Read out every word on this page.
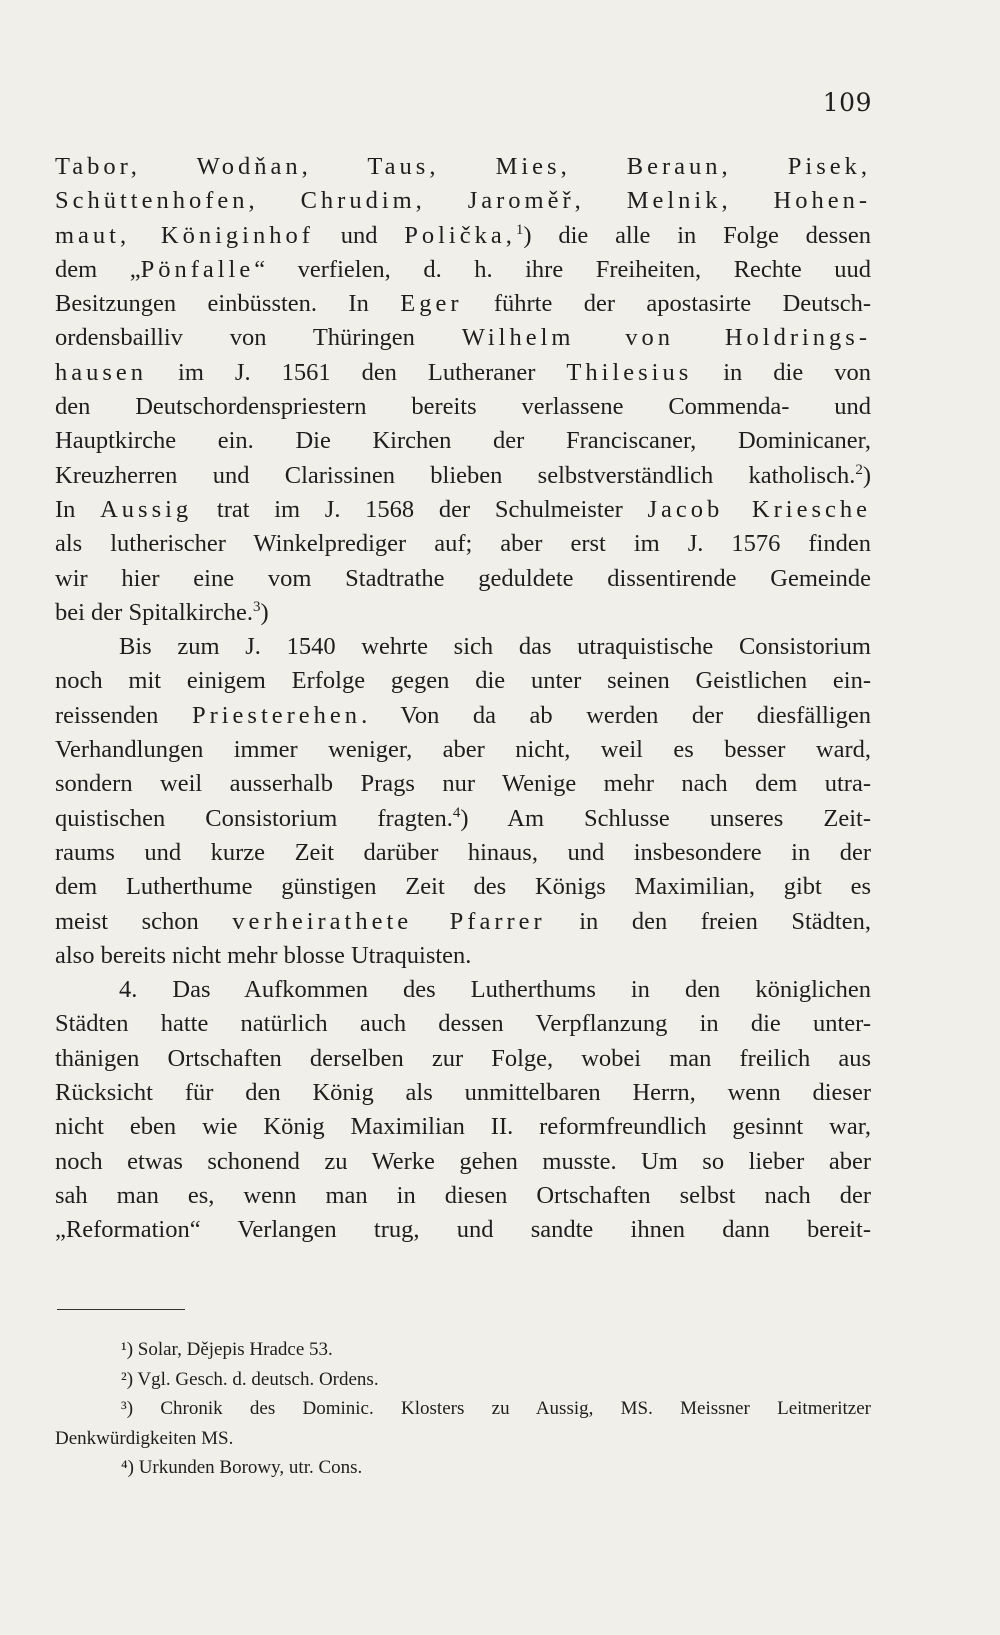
109
Tabor, Wodňan, Taus, Mies, Beraun, Pisek,
Schüttenhofen, Chrudim, Jaroměř, Melnik, Hohen-
maut, Königinhof und Polička,$^1$) die alle in Folge dessen
dem „Pönfalle“ verfielen, d. h. ihre Freiheiten, Rechte uud
Besitzungen einbüssten. In Eger führte der apostasirte Deutsch-
ordensbailliv von Thüringen Wilhelm von Holdrings-
hausen im J. 1561 den Lutheraner Thilesius in die von
den Deutschordenspriestern bereits verlassene Commenda- und
Hauptkirche ein. Die Kirchen der Franciscaner, Dominicaner,
Kreuzherren und Clarissinen blieben selbstverständlich katholisch.$^2$)
In Aussig trat im J. 1568 der Schulmeister Jacob Kriesche
als lutherischer Winkelprediger auf; aber erst im J. 1576 finden
wir hier eine vom Stadtrathe geduldete dissentirende Gemeinde
bei der Spitalkirche.$^3$)
Bis zum J. 1540 wehrte sich das utraquistische Consistorium
noch mit einigem Erfolge gegen die unter seinen Geistlichen ein-
reissenden Priesterehen. Von da ab werden der diesfälligen
Verhandlungen immer weniger, aber nicht, weil es besser ward,
sondern weil ausserhalb Prags nur Wenige mehr nach dem utra-
quistischen Consistorium fragten.$^4$) Am Schlusse unseres Zeit-
raums und kurze Zeit darüber hinaus, und insbesondere in der
dem Lutherthume günstigen Zeit des Königs Maximilian, gibt es
meist schon verheirathete Pfarrer in den freien Städten,
also bereits nicht mehr blosse Utraquisten.
4. Das Aufkommen des Lutherthums in den königlichen
Städten hatte natürlich auch dessen Verpflanzung in die unter-
thänigen Ortschaften derselben zur Folge, wobei man freilich aus
Rücksicht für den König als unmittelbaren Herrn, wenn dieser
nicht eben wie König Maximilian II. reformfreundlich gesinnt war,
noch etwas schonend zu Werke gehen musste. Um so lieber aber
sah man es, wenn man in diesen Ortschaften selbst nach der
„Reformation“ Verlangen trug, und sandte ihnen dann bereit-
¹) Solar, Dějepis Hradce 53.
²) Vgl. Gesch. d. deutsch. Ordens.
³) Chronik des Dominic. Klosters zu Aussig, MS. Meissner Leitmeritzer
Denkwürdigkeiten MS.
⁴) Urkunden Borowy, utr. Cons.
